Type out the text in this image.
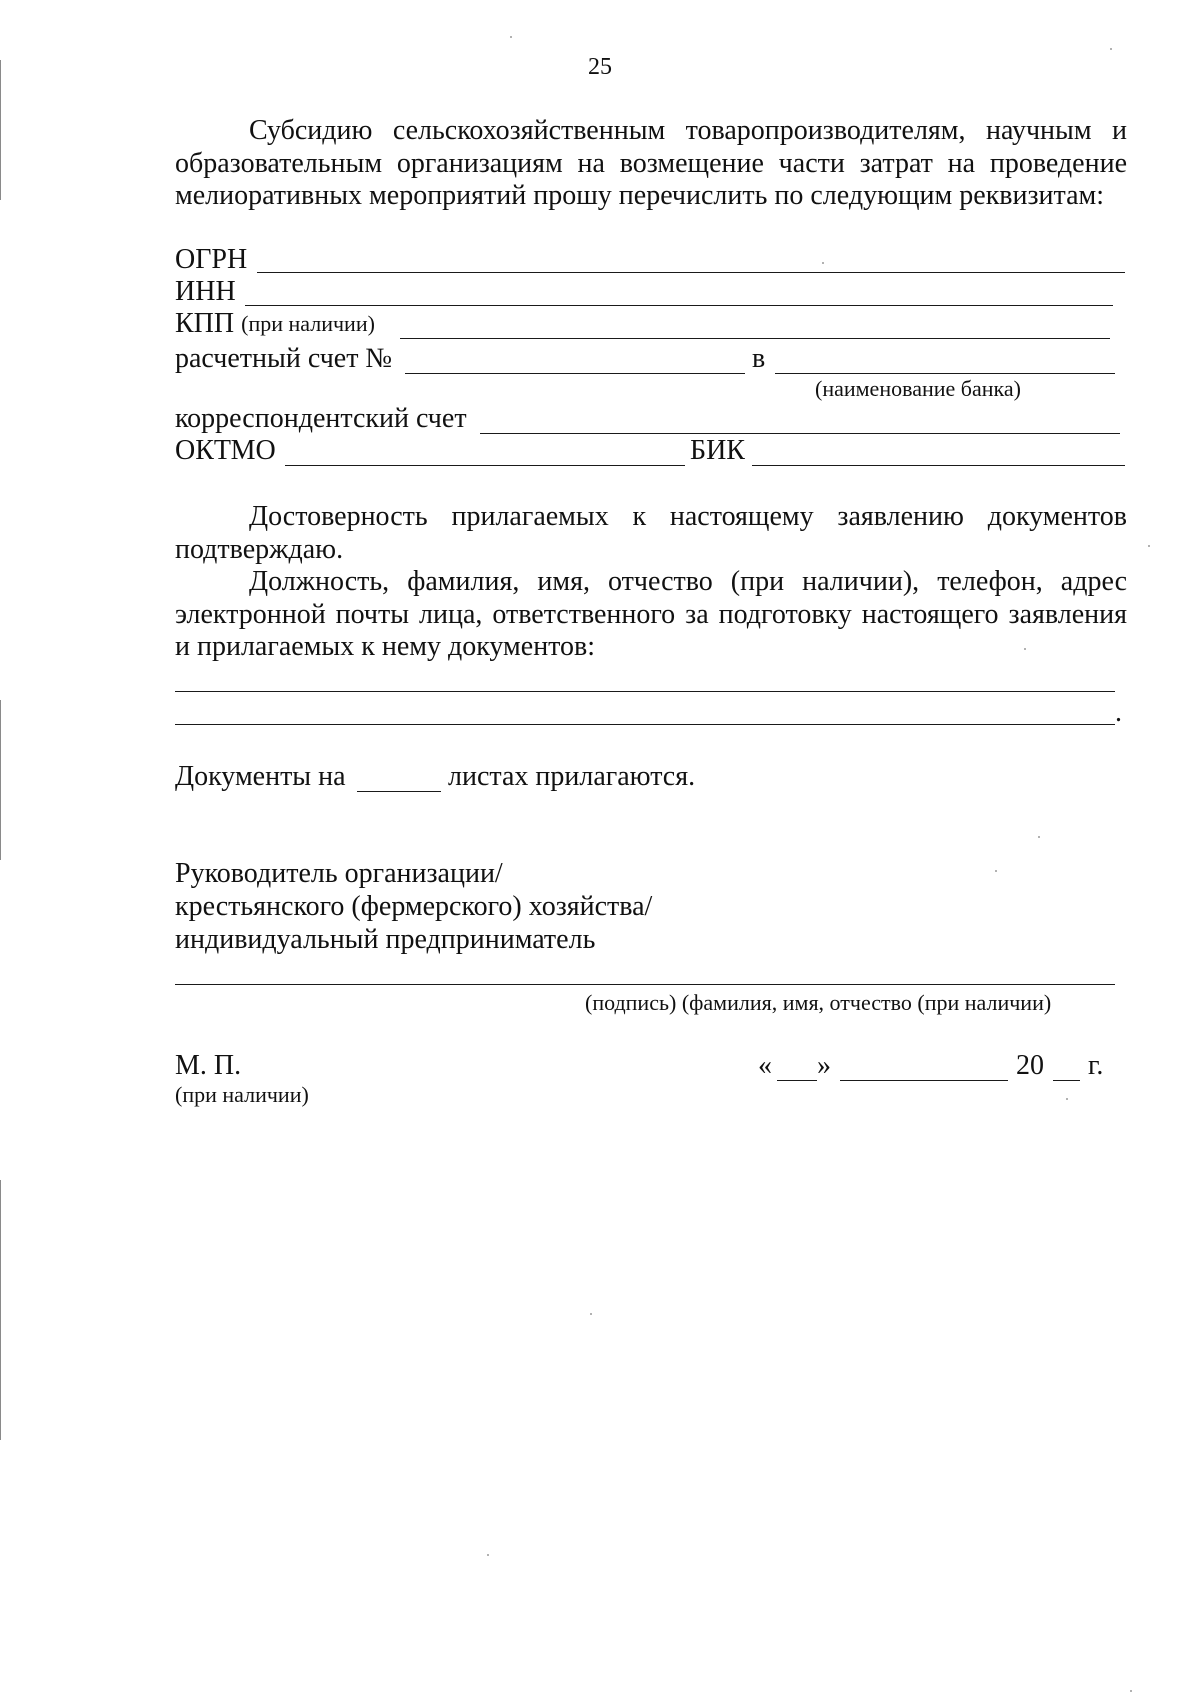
25
Субсидию сельскохозяйственным товаропроизводителям, научным и образовательным организациям на возмещение части затрат на проведение мелиоративных мероприятий прошу перечислить по следующим реквизитам:
ОГРН
ИНН
КПП (при наличии)
расчетный счет №	в
(наименование банка)
корреспондентский счет
ОКТМО	БИК
Достоверность прилагаемых к настоящему заявлению документов подтверждаю.
Должность, фамилия, имя, отчество (при наличии), телефон, адрес электронной почты лица, ответственного за подготовку настоящего заявления и прилагаемых к нему документов:
.
Документы на	листах прилагаются.
Руководитель организации/
крестьянского (фермерского) хозяйства/
индивидуальный предприниматель
(подпись) (фамилия, имя, отчество (при наличии)
М. П.
(при наличии)
« »	20 г.
